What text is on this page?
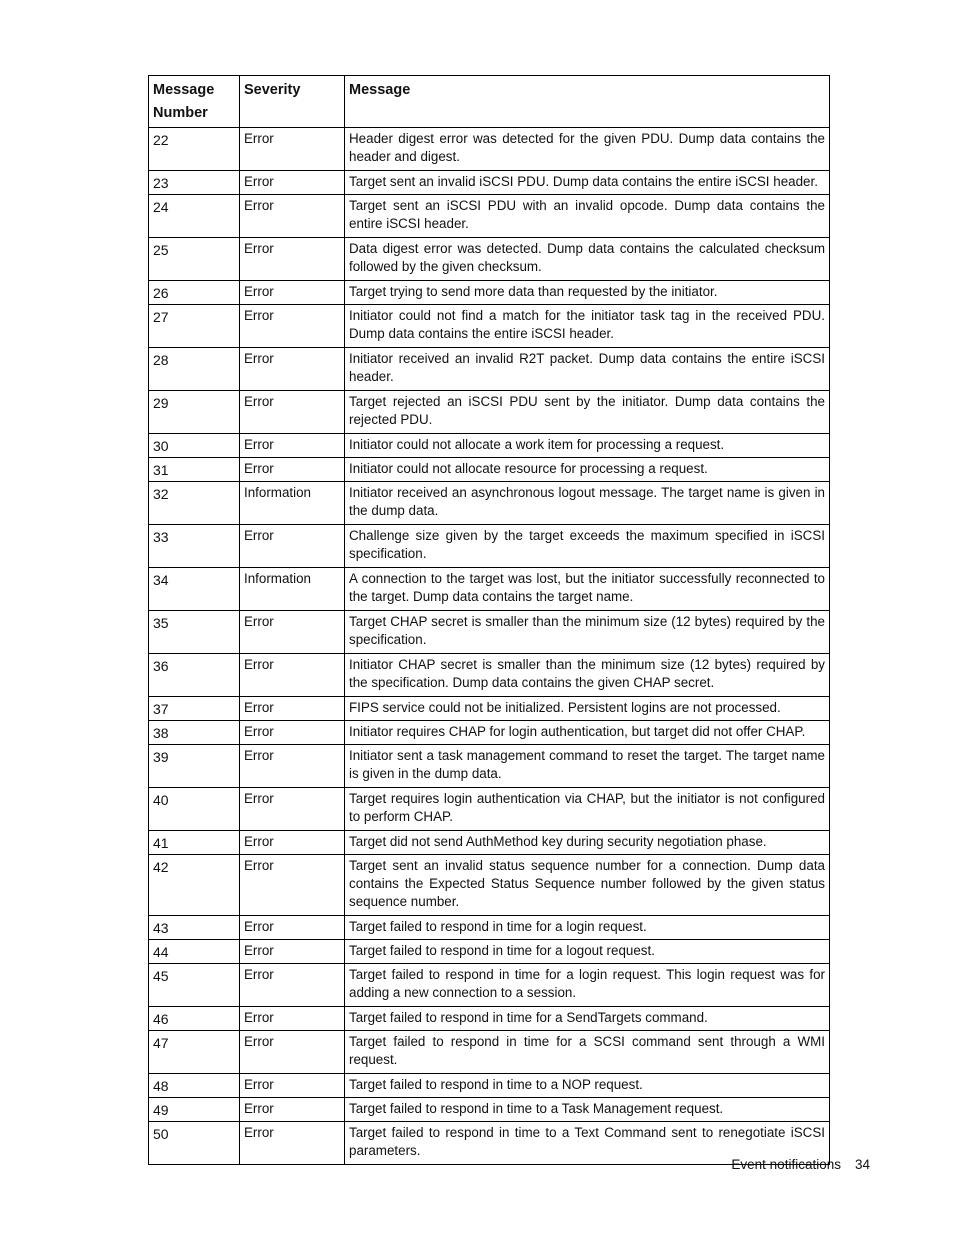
Message
Number	Severity	Message
22	Error	Header digest error was detected for the given PDU. Dump data contains the header and digest.
23	Error	Target sent an invalid iSCSI PDU. Dump data contains the entire iSCSI header.
24	Error	Target sent an iSCSI PDU with an invalid opcode. Dump data contains the entire iSCSI header.
25	Error	Data digest error was detected. Dump data contains the calculated checksum followed by the given checksum.
26	Error	Target trying to send more data than requested by the initiator.
27	Error	Initiator could not find a match for the initiator task tag in the received PDU. Dump data contains the entire iSCSI header.
28	Error	Initiator received an invalid R2T packet. Dump data contains the entire iSCSI header.
29	Error	Target rejected an iSCSI PDU sent by the initiator. Dump data contains the rejected PDU.
30	Error	Initiator could not allocate a work item for processing a request.
31	Error	Initiator could not allocate resource for processing a request.
32	Information	Initiator received an asynchronous logout message. The target name is given in the dump data.
33	Error	Challenge size given by the target exceeds the maximum specified in iSCSI specification.
34	Information	A connection to the target was lost, but the initiator successfully reconnected to the target. Dump data contains the target name.
35	Error	Target CHAP secret is smaller than the minimum size (12 bytes) required by the specification.
36	Error	Initiator CHAP secret is smaller than the minimum size (12 bytes) required by the specification. Dump data contains the given CHAP secret.
37	Error	FIPS service could not be initialized. Persistent logins are not processed.
38	Error	Initiator requires CHAP for login authentication, but target did not offer CHAP.
39	Error	Initiator sent a task management command to reset the target. The target name is given in the dump data.
40	Error	Target requires login authentication via CHAP, but the initiator is not configured to perform CHAP.
41	Error	Target did not send AuthMethod key during security negotiation phase.
42	Error	Target sent an invalid status sequence number for a connection. Dump data contains the Expected Status Sequence number followed by the given status sequence number.
43	Error	Target failed to respond in time for a login request.
44	Error	Target failed to respond in time for a logout request.
45	Error	Target failed to respond in time for a login request. This login request was for adding a new connection to a session.
46	Error	Target failed to respond in time for a SendTargets command.
47	Error	Target failed to respond in time for a SCSI command sent through a WMI request.
48	Error	Target failed to respond in time to a NOP request.
49	Error	Target failed to respond in time to a Task Management request.
50	Error	Target failed to respond in time to a Text Command sent to renegotiate iSCSI parameters.
Event notifications 34
